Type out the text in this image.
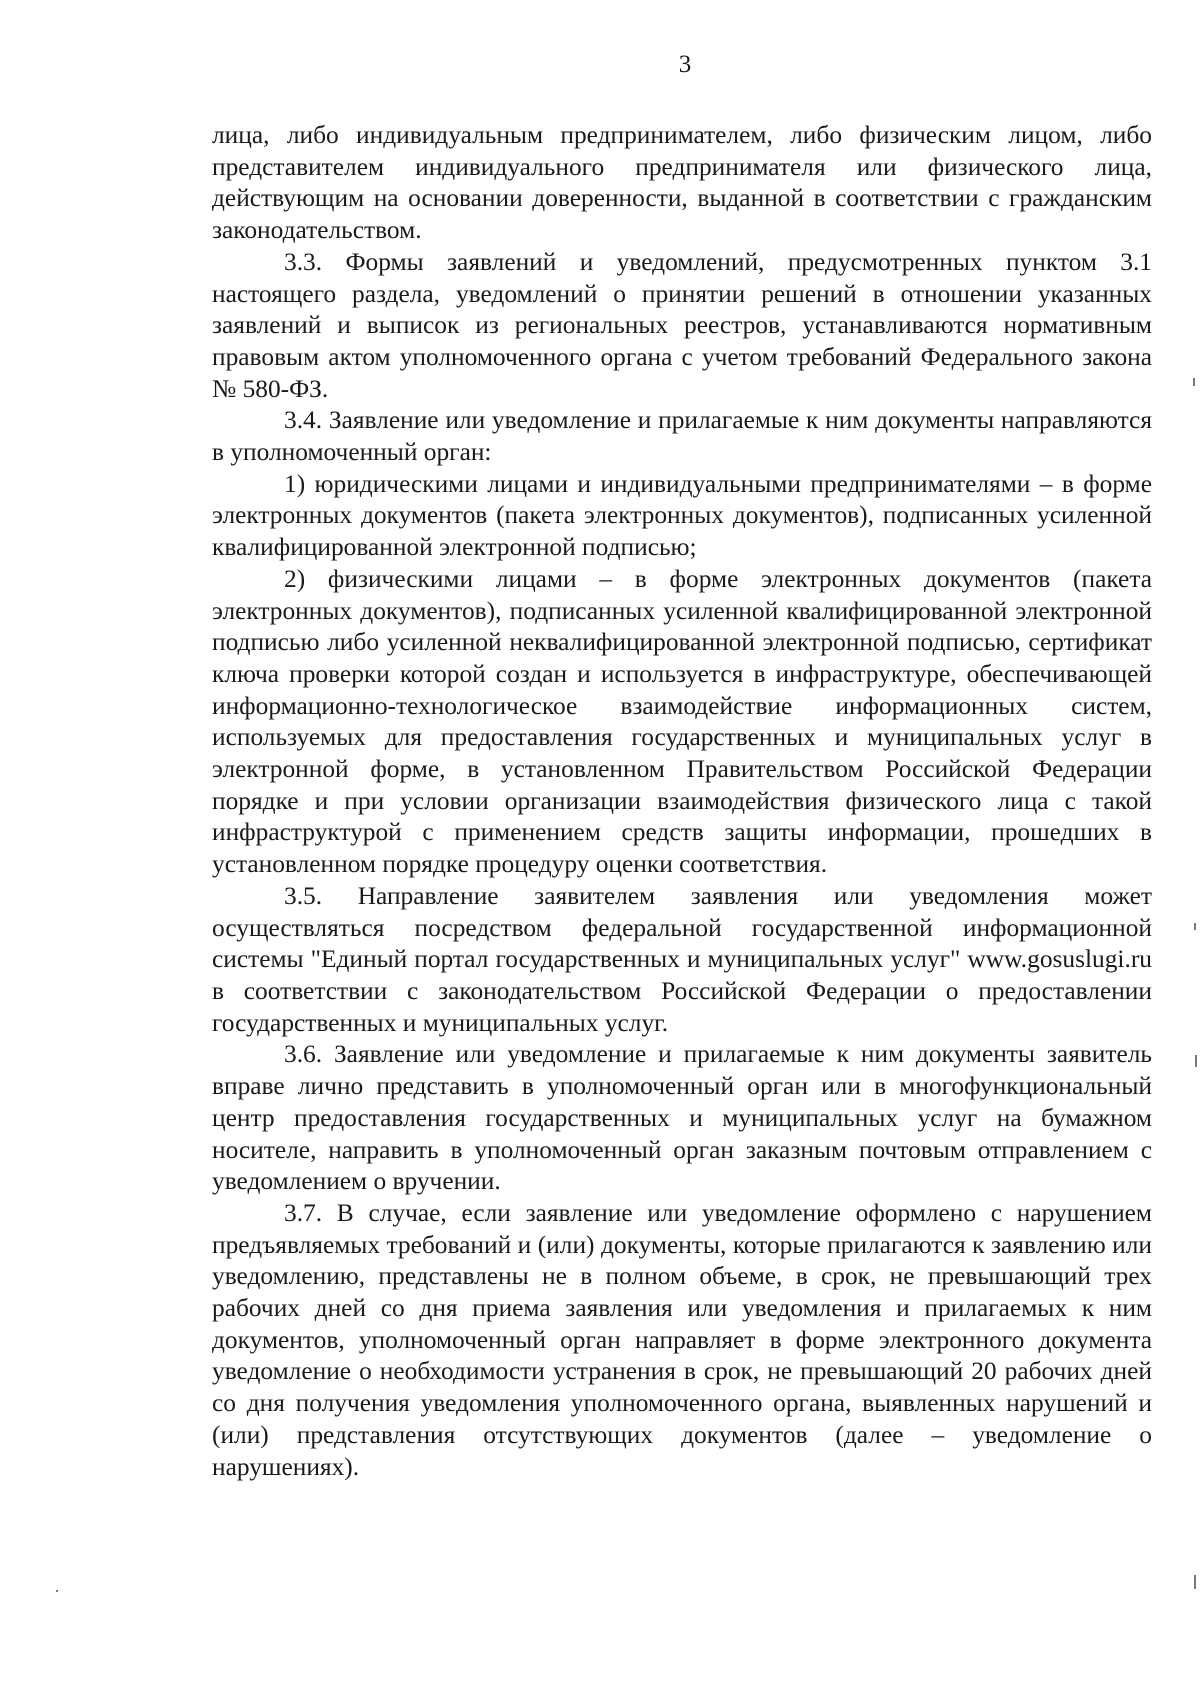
3

лица, либо индивидуальным предпринимателем, либо физическим лицом, либо представителем индивидуального предпринимателя или физического лица, действующим на основании доверенности, выданной в соответствии с гражданским законодательством.

3.3. Формы заявлений и уведомлений, предусмотренных пунктом 3.1 настоящего раздела, уведомлений о принятии решений в отношении указанных заявлений и выписок из региональных реестров, устанавливаются нормативным правовым актом уполномоченного органа с учетом требований Федерального закона № 580-ФЗ.

3.4. Заявление или уведомление и прилагаемые к ним документы направляются в уполномоченный орган:

1) юридическими лицами и индивидуальными предпринимателями – в форме электронных документов (пакета электронных документов), подписанных усиленной квалифицированной электронной подписью;

2) физическими лицами – в форме электронных документов (пакета электронных документов), подписанных усиленной квалифицированной электронной подписью либо усиленной неквалифицированной электронной подписью, сертификат ключа проверки которой создан и используется в инфраструктуре, обеспечивающей информационно-технологическое взаимодействие информационных систем, используемых для предоставления государственных и муниципальных услуг в электронной форме, в установленном Правительством Российской Федерации порядке и при условии организации взаимодействия физического лица с такой инфраструктурой с применением средств защиты информации, прошедших в установленном порядке процедуру оценки соответствия.

3.5. Направление заявителем заявления или уведомления может осуществляться посредством федеральной государственной информационной системы "Единый портал государственных и муниципальных услуг" www.gosuslugi.ru в соответствии с законодательством Российской Федерации о предоставлении государственных и муниципальных услуг.

3.6. Заявление или уведомление и прилагаемые к ним документы заявитель вправе лично представить в уполномоченный орган или в многофункциональный центр предоставления государственных и муниципальных услуг на бумажном носителе, направить в уполномоченный орган заказным почтовым отправлением с уведомлением о вручении.

3.7. В случае, если заявление или уведомление оформлено с нарушением предъявляемых требований и (или) документы, которые прилагаются к заявлению или уведомлению, представлены не в полном объеме, в срок, не превышающий трех рабочих дней со дня приема заявления или уведомления и прилагаемых к ним документов, уполномоченный орган направляет в форме электронного документа уведомление о необходимости устранения в срок, не превышающий 20 рабочих дней со дня получения уведомления уполномоченного органа, выявленных нарушений и (или) представления отсутствующих документов (далее – уведомление о нарушениях).
